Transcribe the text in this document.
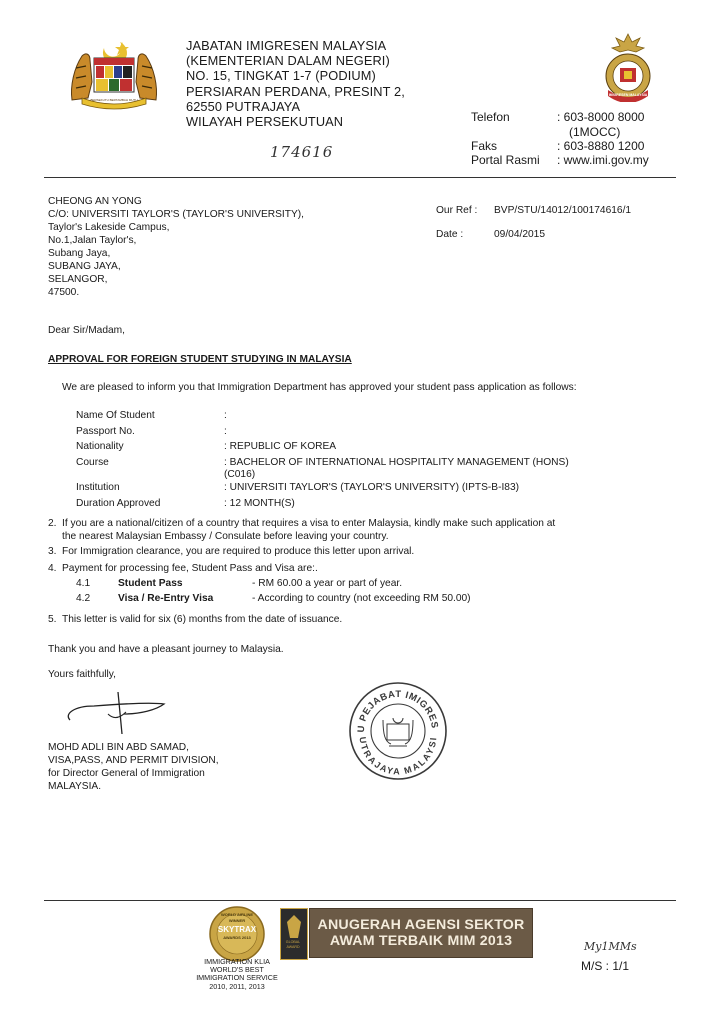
BERSEKUTU BERTAMBAH MUTU
JABATAN IMIGRESEN MALAYSIA
(KEMENTERIAN DALAM NEGERI)
NO. 15, TINGKAT 1-7 (PODIUM)
PERSIARAN PERDANA, PRESINT 2,
62550 PUTRAJAYA
WILAYAH PERSEKUTUAN
174616
IMIGRESEN MALAYSIA
Telefon	: 603-8000 8000
(1MOCC)
Faks	: 603-8880 1200
Portal Rasmi : www.imi.gov.my
CHEONG AN YONG
C/O: UNIVERSITI TAYLOR'S (TAYLOR'S UNIVERSITY),
Taylor's Lakeside Campus,
No.1,Jalan Taylor's,
Subang Jaya,
SUBANG JAYA,
SELANGOR,
47500.
Our Ref : BVP/STU/14012/100174616/1
Date :	09/04/2015
Dear Sir/Madam,
APPROVAL FOR FOREIGN STUDENT STUDYING IN MALAYSIA
We are pleased to inform you that Immigration Department has approved your student pass application as follows:
Name Of Student	:
Passport No.	:
Nationality	: REPUBLIC OF KOREA
Course	: BACHELOR OF INTERNATIONAL HOSPITALITY MANAGEMENT (HONS)
(C016)
Institution	: UNIVERSITI TAYLOR'S (TAYLOR'S UNIVERSITY) (IPTS-B-I83)
Duration Approved	: 12 MONTH(S)
2. If you are a national/citizen of a country that requires a visa to enter Malaysia, kindly make such application at
the nearest Malaysian Embassy / Consulate before leaving your country.
3. For Immigration clearance, you are required to produce this letter upon arrival.
4. Payment for processing fee, Student Pass and Visa are:.
4.1	Student Pass	- RM 60.00 a year or part of year.
4.2	Visa / Re-Entry Visa	- According to country (not exceeding RM 50.00)
5. This letter is valid for six (6) months from the date of issuance.
Thank you and have a pleasant journey to Malaysia.
Yours faithfully,
MOHD ADLI BIN ABD SAMAD,
VISA,PASS, AND PERMIT DIVISION,
for Director General of Immigration
MALAYSIA.
U PEJABAT IMIGRES
UTRAJAYA MALAYSI
WORLD AIRLINE
WINNER
SKYTRAX
AWARDS 2013
IMMIGRATION KLIA
WORLD'S BEST
IMMIGRATION SERVICE
2010, 2011, 2013
GLOBAL
AWARD
ANUGERAH AGENSI SEKTOR
AWAM TERBAIK MIM 2013	My1MMs
M/S : 1/1
